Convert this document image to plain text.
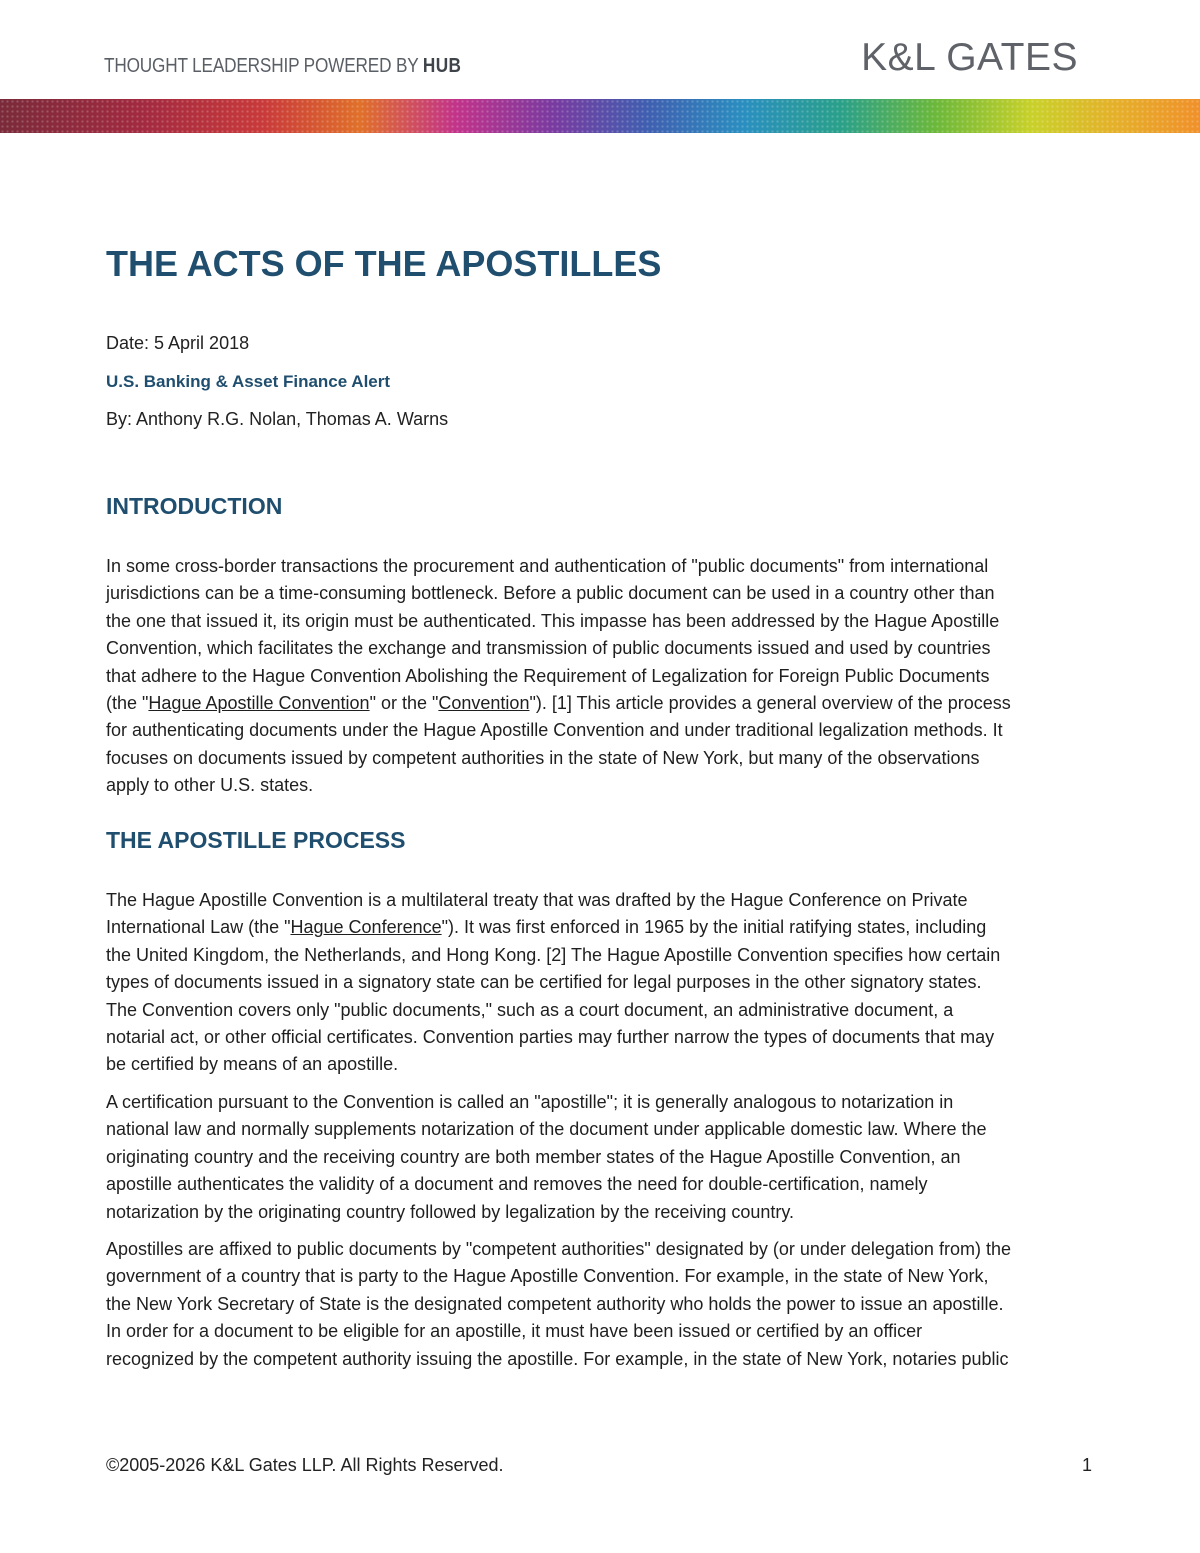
THOUGHT LEADERSHIP POWERED BY HUB	K&L GATES
THE ACTS OF THE APOSTILLES
Date: 5 April 2018
U.S. Banking & Asset Finance Alert
By: Anthony R.G. Nolan, Thomas A. Warns
INTRODUCTION

In some cross-border transactions the procurement and authentication of "public documents" from international
jurisdictions can be a time-consuming bottleneck. Before a public document can be used in a country other than
the one that issued it, its origin must be authenticated. This impasse has been addressed by the Hague Apostille
Convention, which facilitates the exchange and transmission of public documents issued and used by countries
that adhere to the Hague Convention Abolishing the Requirement of Legalization for Foreign Public Documents
(the "Hague Apostille Convention" or the "Convention"). [1] This article provides a general overview of the process
for authenticating documents under the Hague Apostille Convention and under traditional legalization methods. It
focuses on documents issued by competent authorities in the state of New York, but many of the observations
apply to other U.S. states.

THE APOSTILLE PROCESS

The Hague Apostille Convention is a multilateral treaty that was drafted by the Hague Conference on Private
International Law (the "Hague Conference"). It was first enforced in 1965 by the initial ratifying states, including
the United Kingdom, the Netherlands, and Hong Kong. [2] The Hague Apostille Convention specifies how certain
types of documents issued in a signatory state can be certified for legal purposes in the other signatory states.
The Convention covers only "public documents," such as a court document, an administrative document, a
notarial act, or other official certificates. Convention parties may further narrow the types of documents that may
be certified by means of an apostille.

A certification pursuant to the Convention is called an "apostille"; it is generally analogous to notarization in
national law and normally supplements notarization of the document under applicable domestic law. Where the
originating country and the receiving country are both member states of the Hague Apostille Convention, an
apostille authenticates the validity of a document and removes the need for double-certification, namely
notarization by the originating country followed by legalization by the receiving country.

Apostilles are affixed to public documents by "competent authorities" designated by (or under delegation from) the
government of a country that is party to the Hague Apostille Convention. For example, in the state of New York,
the New York Secretary of State is the designated competent authority who holds the power to issue an apostille.
In order for a document to be eligible for an apostille, it must have been issued or certified by an officer
recognized by the competent authority issuing the apostille. For example, in the state of New York, notaries public

©2005-2026 K&L Gates LLP. All Rights Reserved.	1
